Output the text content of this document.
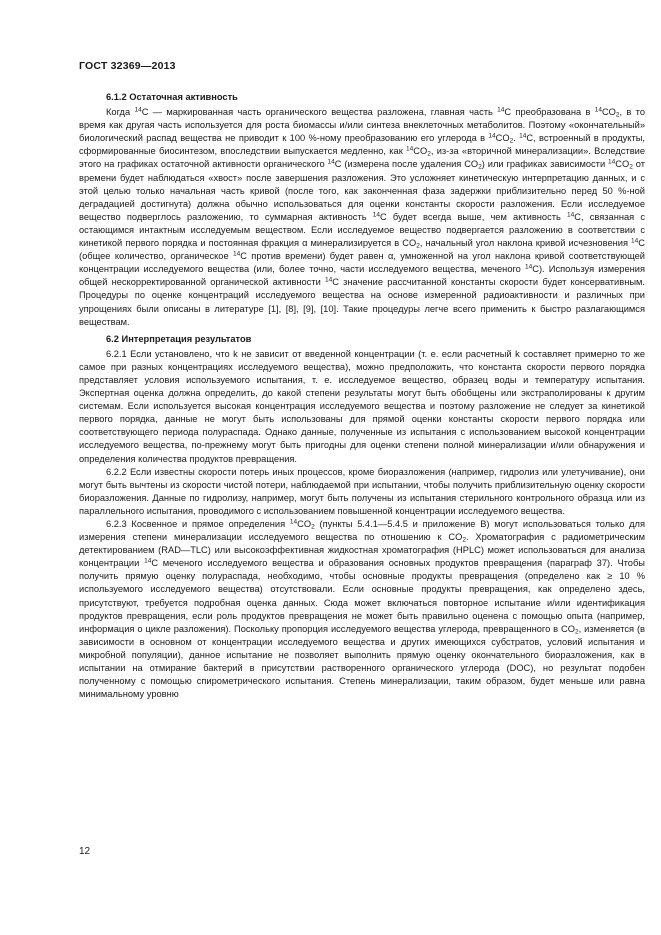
ГОСТ 32369—2013

6.1.2 Остаточная активность

Когда $^{14}$C — маркированная часть органического вещества разложена, главная часть $^{14}$C преобразована в $^{14}CO_2$, в то время как другая часть используется для роста биомассы и/или синтеза внеклеточных метаболитов. Поэтому «окончательный» биологический распад вещества не приводит к 100 %-ному преобразованию его углерода в $^{14}CO_2$. $^{14}$C, встроенный в продукты, сформированные биосинтезом, впоследствии выпускается медленно, как $^{14}CO_2$, из-за «вторичной минерализации». Вследствие этого на графиках остаточной активности органического $^{14}$C (измерена после удаления $CO_2$) или графиках зависимости $^{14}CO_2$ от времени будет наблюдаться «хвост» после завершения разложения. Это усложняет кинетическую интерпретацию данных, и с этой целью только начальная часть кривой (после того, как законченная фаза задержки приблизительно перед 50 %-ной деградацией достигнута) должна обычно использоваться для оценки константы скорости разложения. Если исследуемое вещество подверглось разложению, то суммарная активность $^{14}$C будет всегда выше, чем активность $^{14}$C, связанная с остающимся интактным исследуемым веществом. Если исследуемое вещество подвергается разложению в соответствии с кинетикой первого порядка и постоянная фракция α минерализируется в $CO_2$, начальный угол наклона кривой исчезновения $^{14}$C (общее количество, органическое $^{14}$C против времени) будет равен α, умноженной на угол наклона кривой соответствующей концентрации исследуемого вещества (или, более точно, части исследуемого вещества, меченого $^{14}$C). Используя измерения общей нескорректированной органической активности $^{14}$C значение рассчитанной константы скорости будет консервативным. Процедуры по оценке концентраций исследуемого вещества на основе измеренной радиоактивности и различных при упрощениях были описаны в литературе [1], [8], [9], [10]. Такие процедуры легче всего применить к быстро разлагающимся веществам.

6.2 Интерпретация результатов

6.2.1 Если установлено, что k не зависит от введенной концентрации (т. е. если расчетный k составляет примерно то же самое при разных концентрациях исследуемого вещества), можно предположить, что константа скорости первого порядка представляет условия используемого испытания, т. е. исследуемое вещество, образец воды и температуру испытания. Экспертная оценка должна определить, до какой степени результаты могут быть обобщены или экстраполированы к другим системам. Если используется высокая концентрация исследуемого вещества и поэтому разложение не следует за кинетикой первого порядка, данные не могут быть использованы для прямой оценки константы скорости первого порядка или соответствующего периода полураспада. Однако данные, полученные из испытания с использованием высокой концентрации исследуемого вещества, по-прежнему могут быть пригодны для оценки степени полной минерализации и/или обнаружения и определения количества продуктов превращения.

6.2.2 Если известны скорости потерь иных процессов, кроме биоразложения (например, гидролиз или улетучивание), они могут быть вычтены из скорости чистой потери, наблюдаемой при испытании, чтобы получить приблизительную оценку скорости биоразложения. Данные по гидролизу, например, могут быть получены из испытания стерильного контрольного образца или из параллельного испытания, проводимого с использованием повышенной концентрации исследуемого вещества.

6.2.3 Косвенное и прямое определения $^{14}CO_2$ (пункты 5.4.1—5.4.5 и приложение В) могут использоваться только для измерения степени минерализации исследуемого вещества по отношению к $CO_2$. Хроматография с радиометрическим детектированием (RAD—TLC) или высокоэффективная жидкостная хроматография (HPLC) может использоваться для анализа концентрации $^{14}$C меченого исследуемого вещества и образования основных продуктов превращения (параграф 37). Чтобы получить прямую оценку полураспада, необходимо, чтобы основные продукты превращения (определено как ≥ 10 % используемого исследуемого вещества) отсутствовали. Если основные продукты превращения, как определено здесь, присутствуют, требуется подробная оценка данных. Сюда может включаться повторное испытание и/или идентификация продуктов превращения, если роль продуктов превращения не может быть правильно оценена с помощью опыта (например, информация о цикле разложения). Поскольку пропорция исследуемого вещества углерода, превращенного в $CO_2$, изменяется (в зависимости в основном от концентрации исследуемого вещества и других имеющихся субстратов, условий испытания и микробной популяции), данное испытание не позволяет выполнить прямую оценку окончательного биоразложения, как в испытании на отмирание бактерий в присутствии растворенного органического углерода (DOC), но результат подобен полученному с помощью спирометрического испытания. Степень минерализации, таким образом, будет меньше или равна минимальному уровню

12
